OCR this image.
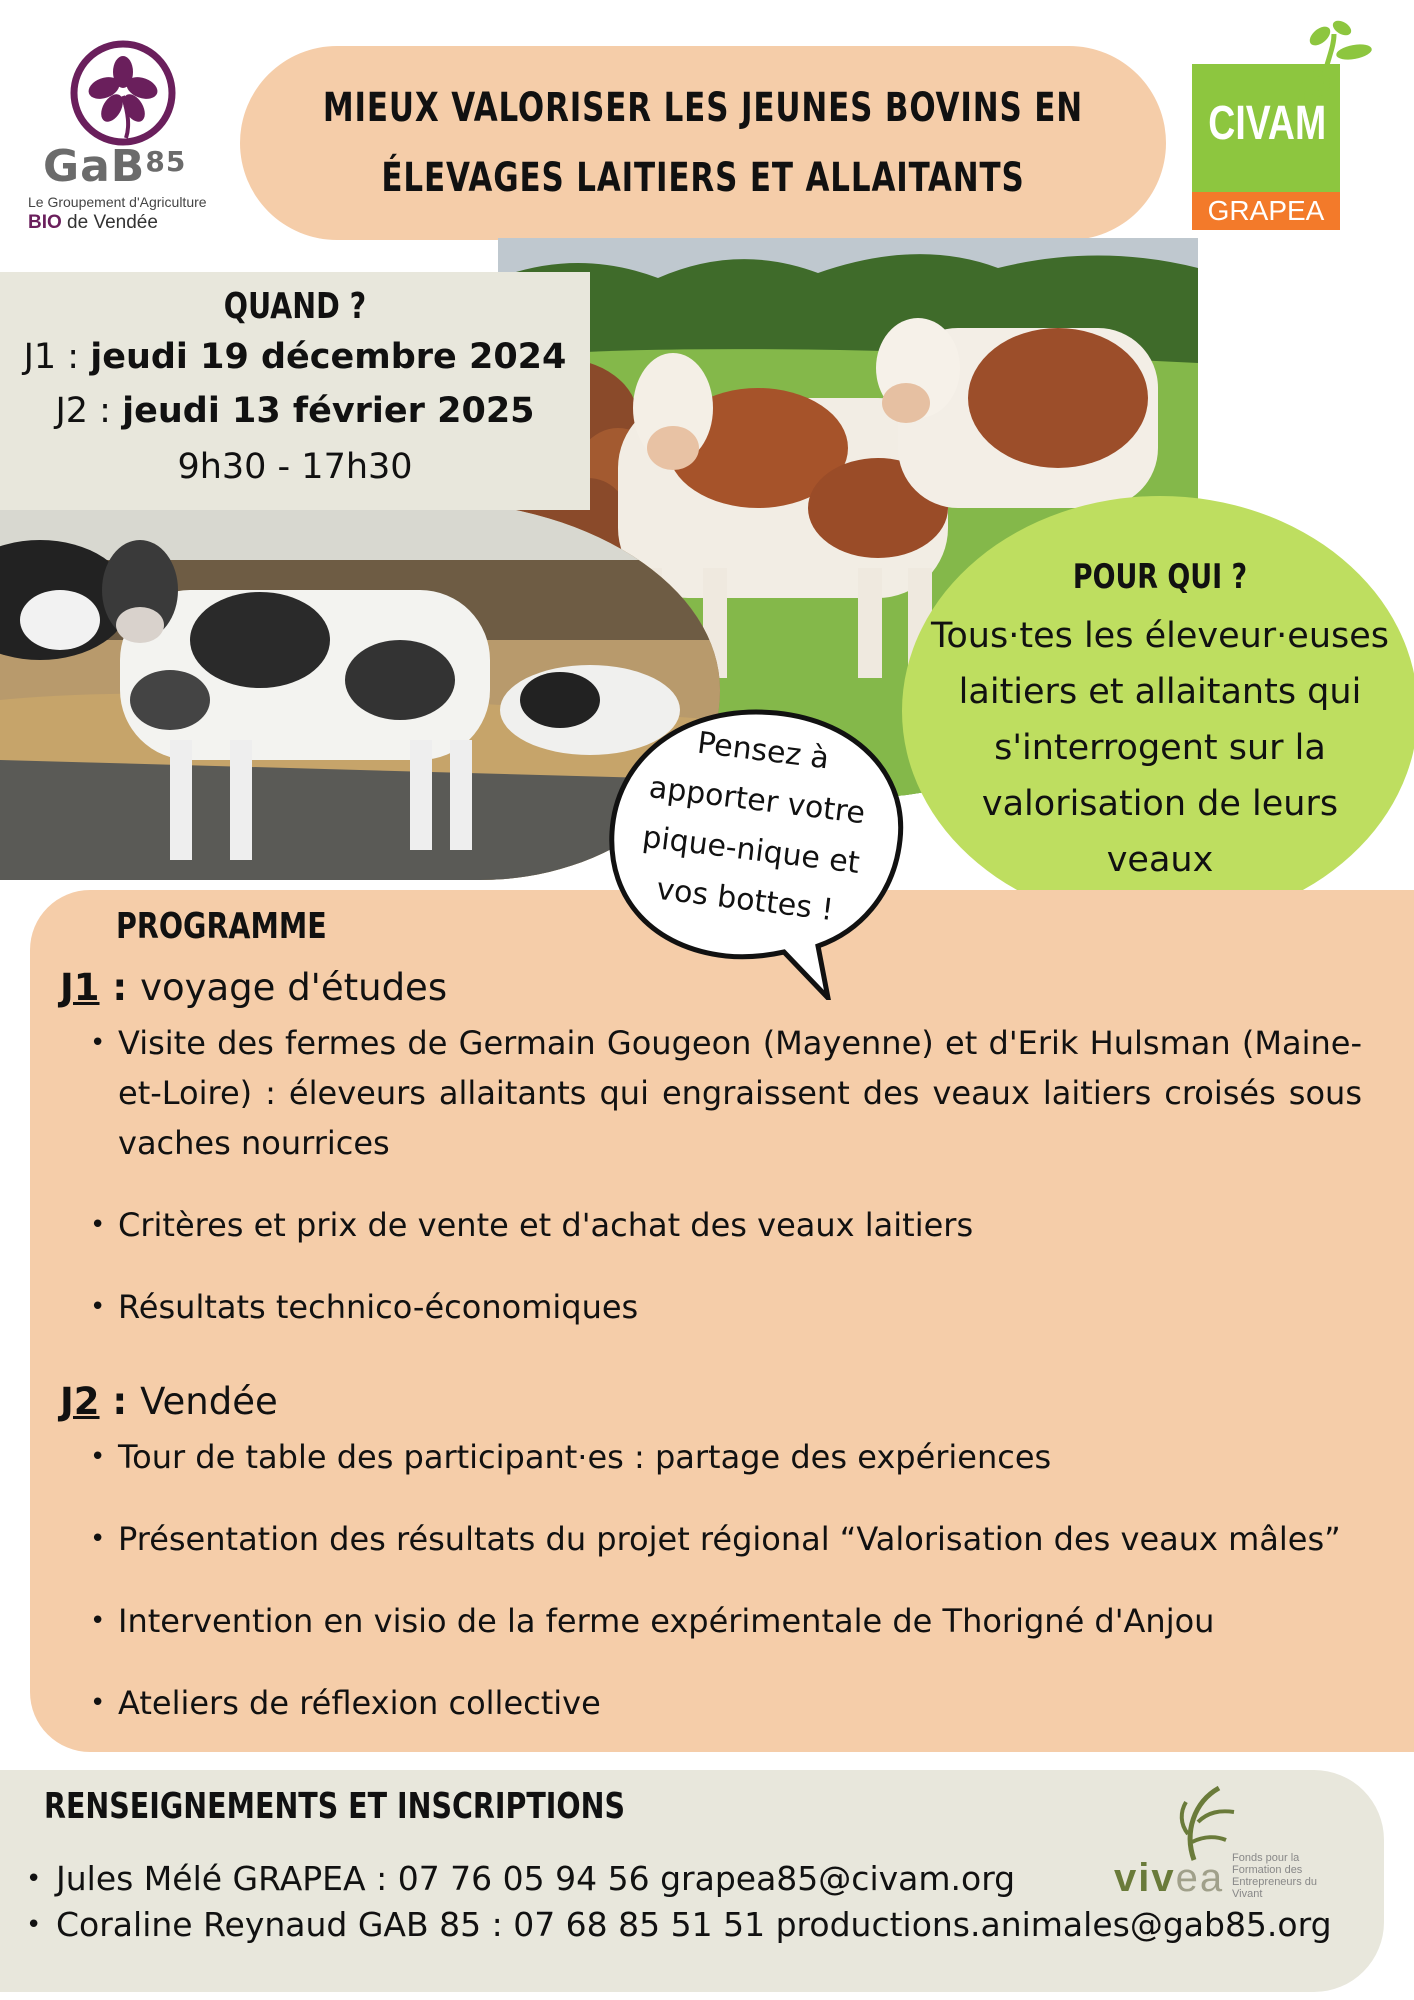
GaB$^{85}$
Le Groupement d'Agriculture
BIO de Vendée
MIEUX VALORISER LES JEUNES BOVINS EN
ÉLEVAGES LAITIERS ET ALLAITANTS
CIVAM
GRAPEA
QUAND ?
J1 : jeudi 19 décembre 2024
J2 : jeudi 13 février 2025
9h30 - 17h30
POUR QUI ?
Tous·tes les éleveur·euses laitiers et allaitants qui s'interrogent sur la valorisation de leurs veaux
PROGRAMME
J1 : voyage d'études
• Visite des fermes de Germain Gougeon (Mayenne) et d'Erik Hulsman (Maine-et-Loire) : éleveurs allaitants qui engraissent des veaux laitiers croisés sous vaches nourrices
• Critères et prix de vente et d'achat des veaux laitiers
• Résultats technico-économiques
J2 : Vendée
• Tour de table des participant·es : partage des expériences
• Présentation des résultats du projet régional “Valorisation des veaux mâles”
• Intervention en visio de la ferme expérimentale de Thorigné d'Anjou
• Ateliers de réflexion collective
Pensez à
apporter votre
pique-nique et
vos bottes !
RENSEIGNEMENTS ET INSCRIPTIONS
• Jules Mélé GRAPEA : 07 76 05 94 56 grapea85@civam.org
• Coraline Reynaud GAB 85 : 07 68 85 51 51 productions.animales@gab85.org
vivea Fonds pour la Formation des Entrepreneurs du Vivant
